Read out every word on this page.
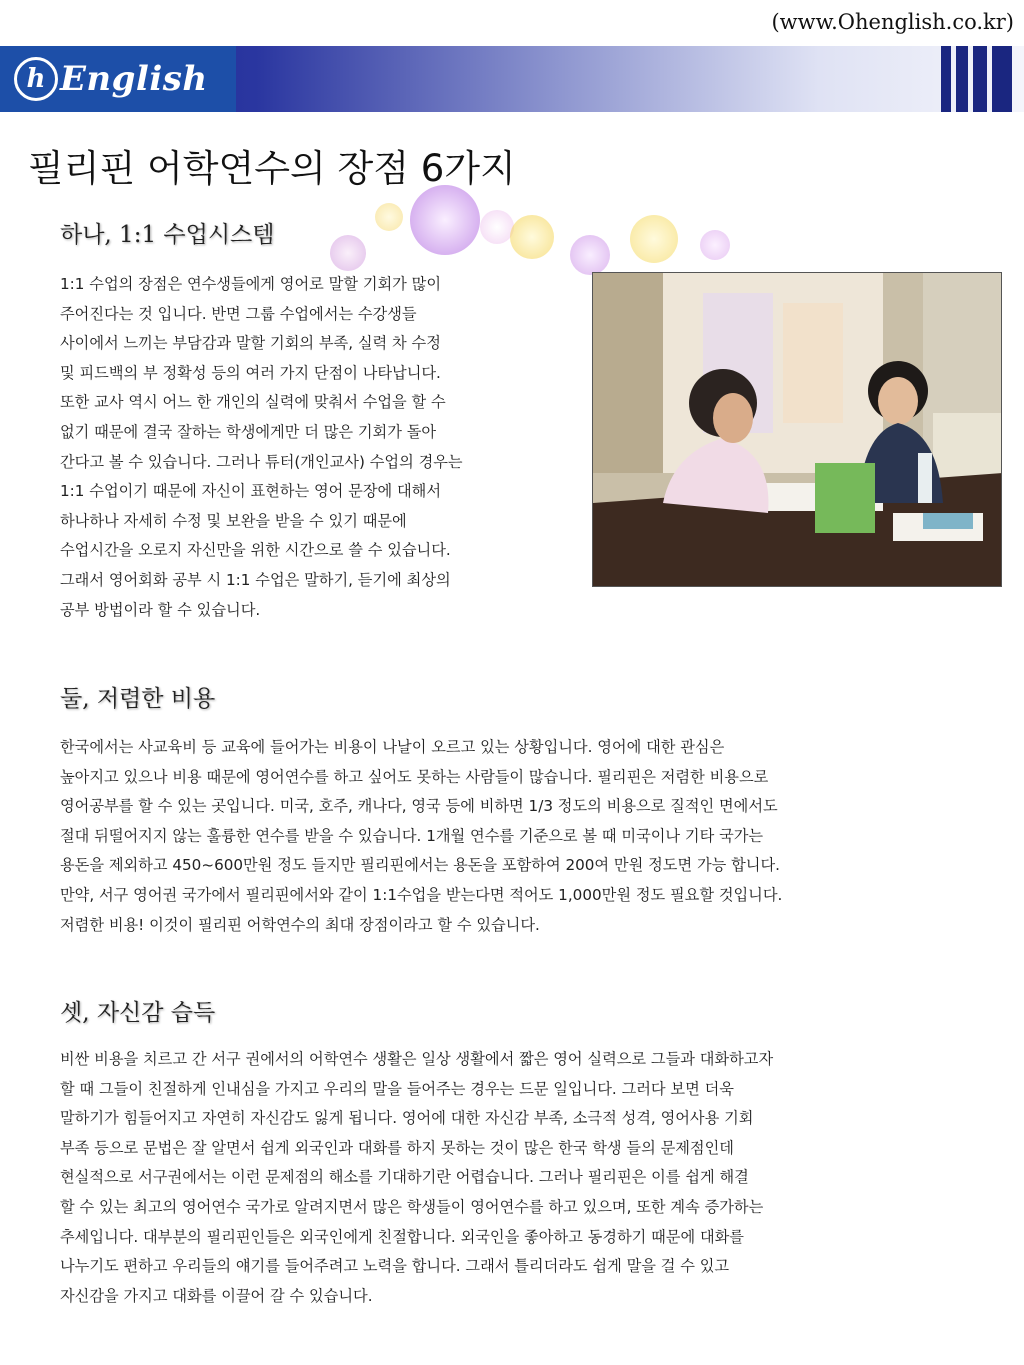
(www.Ohenglish.co.kr)
h English
필리핀 어학연수의 장점 6가지
하나, 1:1 수업시스템
1:1 수업의 장점은 연수생들에게 영어로 말할 기회가 많이
주어진다는 것 입니다. 반면 그룹 수업에서는 수강생들
사이에서 느끼는 부담감과 말할 기회의 부족, 실력 차 수정
및 피드백의 부 정확성 등의 여러 가지 단점이 나타납니다.
또한 교사 역시 어느 한 개인의 실력에 맞춰서 수업을 할 수
없기 때문에 결국 잘하는 학생에게만 더 많은 기회가 돌아
간다고 볼 수 있습니다. 그러나 튜터(개인교사) 수업의 경우는
1:1 수업이기 때문에 자신이 표현하는 영어 문장에 대해서
하나하나 자세히 수정 및 보완을 받을 수 있기 때문에
수업시간을 오로지 자신만을 위한 시간으로 쓸 수 있습니다.
그래서 영어회화 공부 시 1:1 수업은 말하기, 듣기에 최상의
공부 방법이라 할 수 있습니다.
둘, 저렴한 비용
한국에서는 사교육비 등 교육에 들어가는 비용이 나날이 오르고 있는 상황입니다. 영어에 대한 관심은
높아지고 있으나 비용 때문에 영어연수를 하고 싶어도 못하는 사람들이 많습니다. 필리핀은 저렴한 비용으로
영어공부를 할 수 있는 곳입니다. 미국, 호주, 캐나다, 영국 등에 비하면 1/3 정도의 비용으로 질적인 면에서도
절대 뒤떨어지지 않는 훌륭한 연수를 받을 수 있습니다. 1개월 연수를 기준으로 볼 때 미국이나 기타 국가는
용돈을 제외하고 450~600만원 정도 들지만 필리핀에서는 용돈을 포함하여 200여 만원 정도면 가능 합니다.
만약, 서구 영어권 국가에서 필리핀에서와 같이 1:1수업을 받는다면 적어도 1,000만원 정도 필요할 것입니다.
저렴한 비용! 이것이 필리핀 어학연수의 최대 장점이라고 할 수 있습니다.
셋, 자신감 습득
비싼 비용을 치르고 간 서구 권에서의 어학연수 생활은 일상 생활에서 짧은 영어 실력으로 그들과 대화하고자
할 때 그들이 친절하게 인내심을 가지고 우리의 말을 들어주는 경우는 드문 일입니다. 그러다 보면 더욱
말하기가 힘들어지고 자연히 자신감도 잃게 됩니다. 영어에 대한 자신감 부족, 소극적 성격, 영어사용 기회
부족 등으로 문법은 잘 알면서 쉽게 외국인과 대화를 하지 못하는 것이 많은 한국 학생 들의 문제점인데
현실적으로 서구권에서는 이런 문제점의 해소를 기대하기란 어렵습니다. 그러나 필리핀은 이를 쉽게 해결
할 수 있는 최고의 영어연수 국가로 알려지면서 많은 학생들이 영어연수를 하고 있으며, 또한 계속 증가하는
추세입니다. 대부분의 필리핀인들은 외국인에게 친절합니다. 외국인을 좋아하고 동경하기 때문에 대화를
나누기도 편하고 우리들의 얘기를 들어주려고 노력을 합니다. 그래서 틀리더라도 쉽게 말을 걸 수 있고
자신감을 가지고 대화를 이끌어 갈 수 있습니다.
